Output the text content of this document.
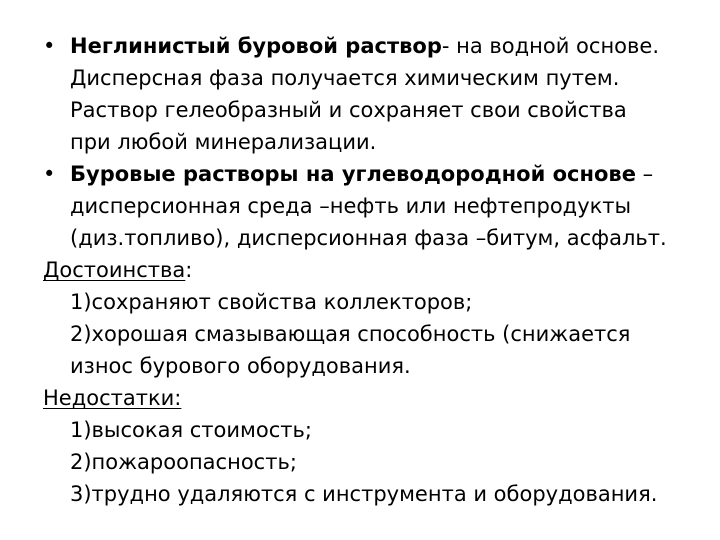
• Неглинистый буровой раствор- на водной основе.
Дисперсная фаза получается химическим путем.
Раствор гелеобразный и сохраняет свои свойства
при любой минерализации.
• Буровые растворы на углеводородной основе –
дисперсионная среда –нефть или нефтепродукты
(диз.топливо), дисперсионная фаза –битум, асфальт.
Достоинства:
1)сохраняют свойства коллекторов;
2)хорошая смазывающая способность (снижается
износ бурового оборудования.
Недостатки:
1)высокая стоимость;
2)пожароопасность;
3)трудно удаляются с инструмента и оборудования.
